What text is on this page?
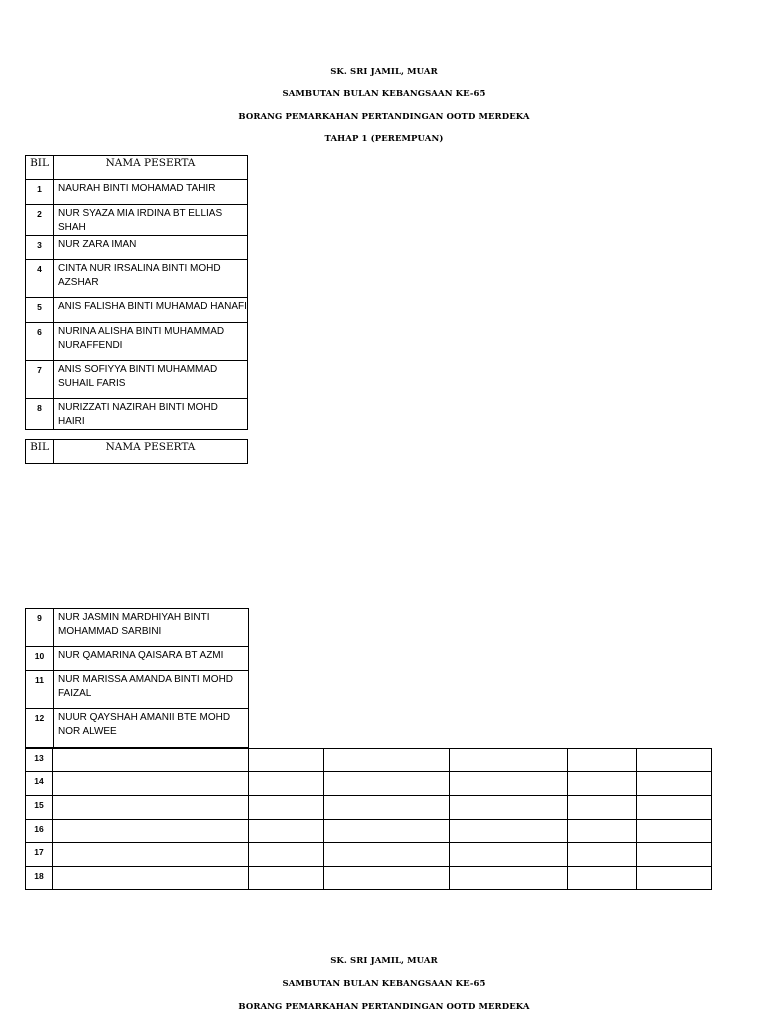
SK. SRI JAMIL, MUAR
SAMBUTAN BULAN KEBANGSAAN KE-65
BORANG PEMARKAHAN PERTANDINGAN OOTD MERDEKA
TAHAP 1 (PEREMPUAN)
BIL	NAMA PESERTA
1	NAURAH BINTI MOHAMAD TAHIR

2	NUR SYAZA MIA IRDINA BT ELLIAS SHAH

3	NUR ZARA IMAN

4	CINTA NUR IRSALINA BINTI MOHD AZSHAR

5	ANIS FALISHA BINTI MUHAMAD HANAFI

6	NURINA ALISHA BINTI MUHAMMAD NURAFFENDI

7	ANIS SOFIYYA BINTI MUHAMMAD SUHAIL FARIS

8	NURIZZATI NAZIRAH BINTI MOHD HAIRI
BIL	NAMA PESERTA
9	NUR JASMIN MARDHIYAH BINTI MOHAMMAD SARBINI

10	NUR QAMARINA QAISARA BT AZMI

11	NUR MARISSA AMANDA BINTI MOHD FAIZAL

12	NUUR QAYSHAH AMANII BTE MOHD NOR ALWEE
13						
14						
15						
16						
17						
18						
SK. SRI JAMIL, MUAR
SAMBUTAN BULAN KEBANGSAAN KE-65
BORANG PEMARKAHAN PERTANDINGAN OOTD MERDEKA
